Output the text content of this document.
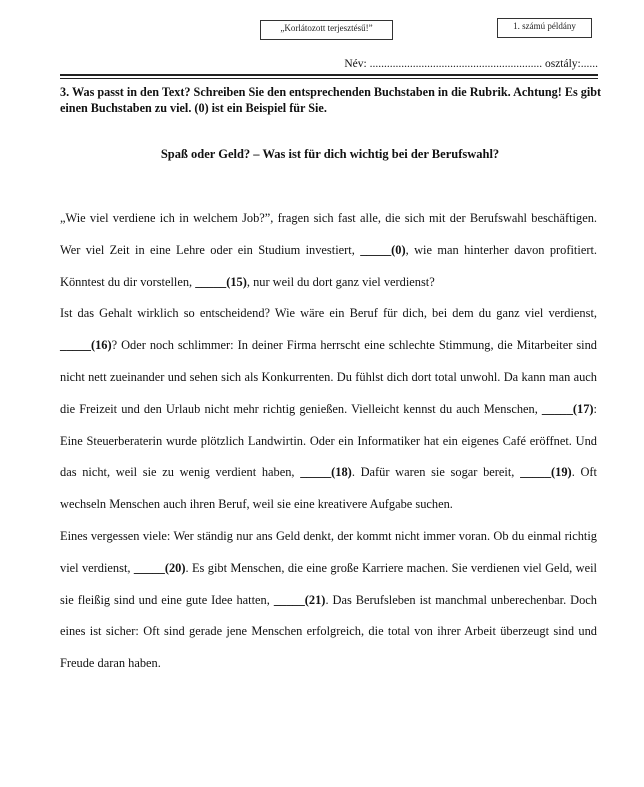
„Korlátozott terjesztésű!”	1. számú példány
Név: ............................................................ osztály:......
3. Was passt in den Text? Schreiben Sie den entsprechenden Buchstaben in die Rubrik. Achtung! Es gibt einen Buchstaben zu viel. (0) ist ein Beispiel für Sie.
Spaß oder Geld? – Was ist für dich wichtig bei der Berufswahl?

„Wie viel verdiene ich in welchem Job?”, fragen sich fast alle, die sich mit der Berufswahl beschäftigen. Wer viel Zeit in eine Lehre oder ein Studium investiert, _____(0), wie man hinterher davon profitiert. Könntest du dir vorstellen, _____(15), nur weil du dort ganz viel verdienst?

Ist das Gehalt wirklich so entscheidend? Wie wäre ein Beruf für dich, bei dem du ganz viel verdienst, _____(16)? Oder noch schlimmer: In deiner Firma herrscht eine schlechte Stimmung, die Mitarbeiter sind nicht nett zueinander und sehen sich als Konkurrenten. Du fühlst dich dort total unwohl. Da kann man auch die Freizeit und den Urlaub nicht mehr richtig genießen. Vielleicht kennst du auch Menschen, _____(17): Eine Steuerberaterin wurde plötzlich Landwirtin. Oder ein Informatiker hat ein eigenes Café eröffnet. Und das nicht, weil sie zu wenig verdient haben, _____(18). Dafür waren sie sogar bereit, _____(19). Oft wechseln Menschen auch ihren Beruf, weil sie eine kreativere Aufgabe suchen.

Eines vergessen viele: Wer ständig nur ans Geld denkt, der kommt nicht immer voran. Ob du einmal richtig viel verdienst, _____(20). Es gibt Menschen, die eine große Karriere machen. Sie verdienen viel Geld, weil sie fleißig sind und eine gute Idee hatten, _____(21). Das Berufsleben ist manchmal unberechenbar. Doch eines ist sicher: Oft sind gerade jene Menschen erfolgreich, die total von ihrer Arbeit überzeugt sind und Freude daran haben.
